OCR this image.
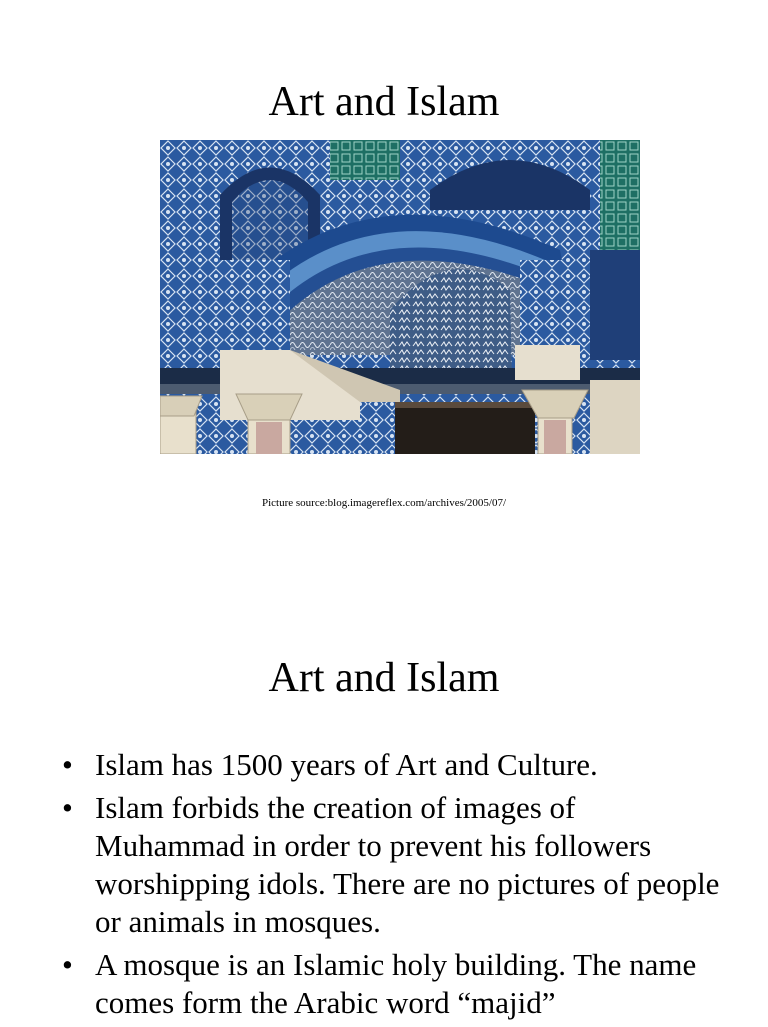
Art and Islam
Picture source:blog.imagereflex.com/archives/2005/07/
Art and Islam
• Islam has 1500 years of Art and Culture.
• Islam forbids the creation of images of Muhammad in order to prevent his followers worshipping idols. There are no pictures of people or animals in mosques.
• A mosque is an Islamic holy building. The name comes form the Arabic word “majid”
